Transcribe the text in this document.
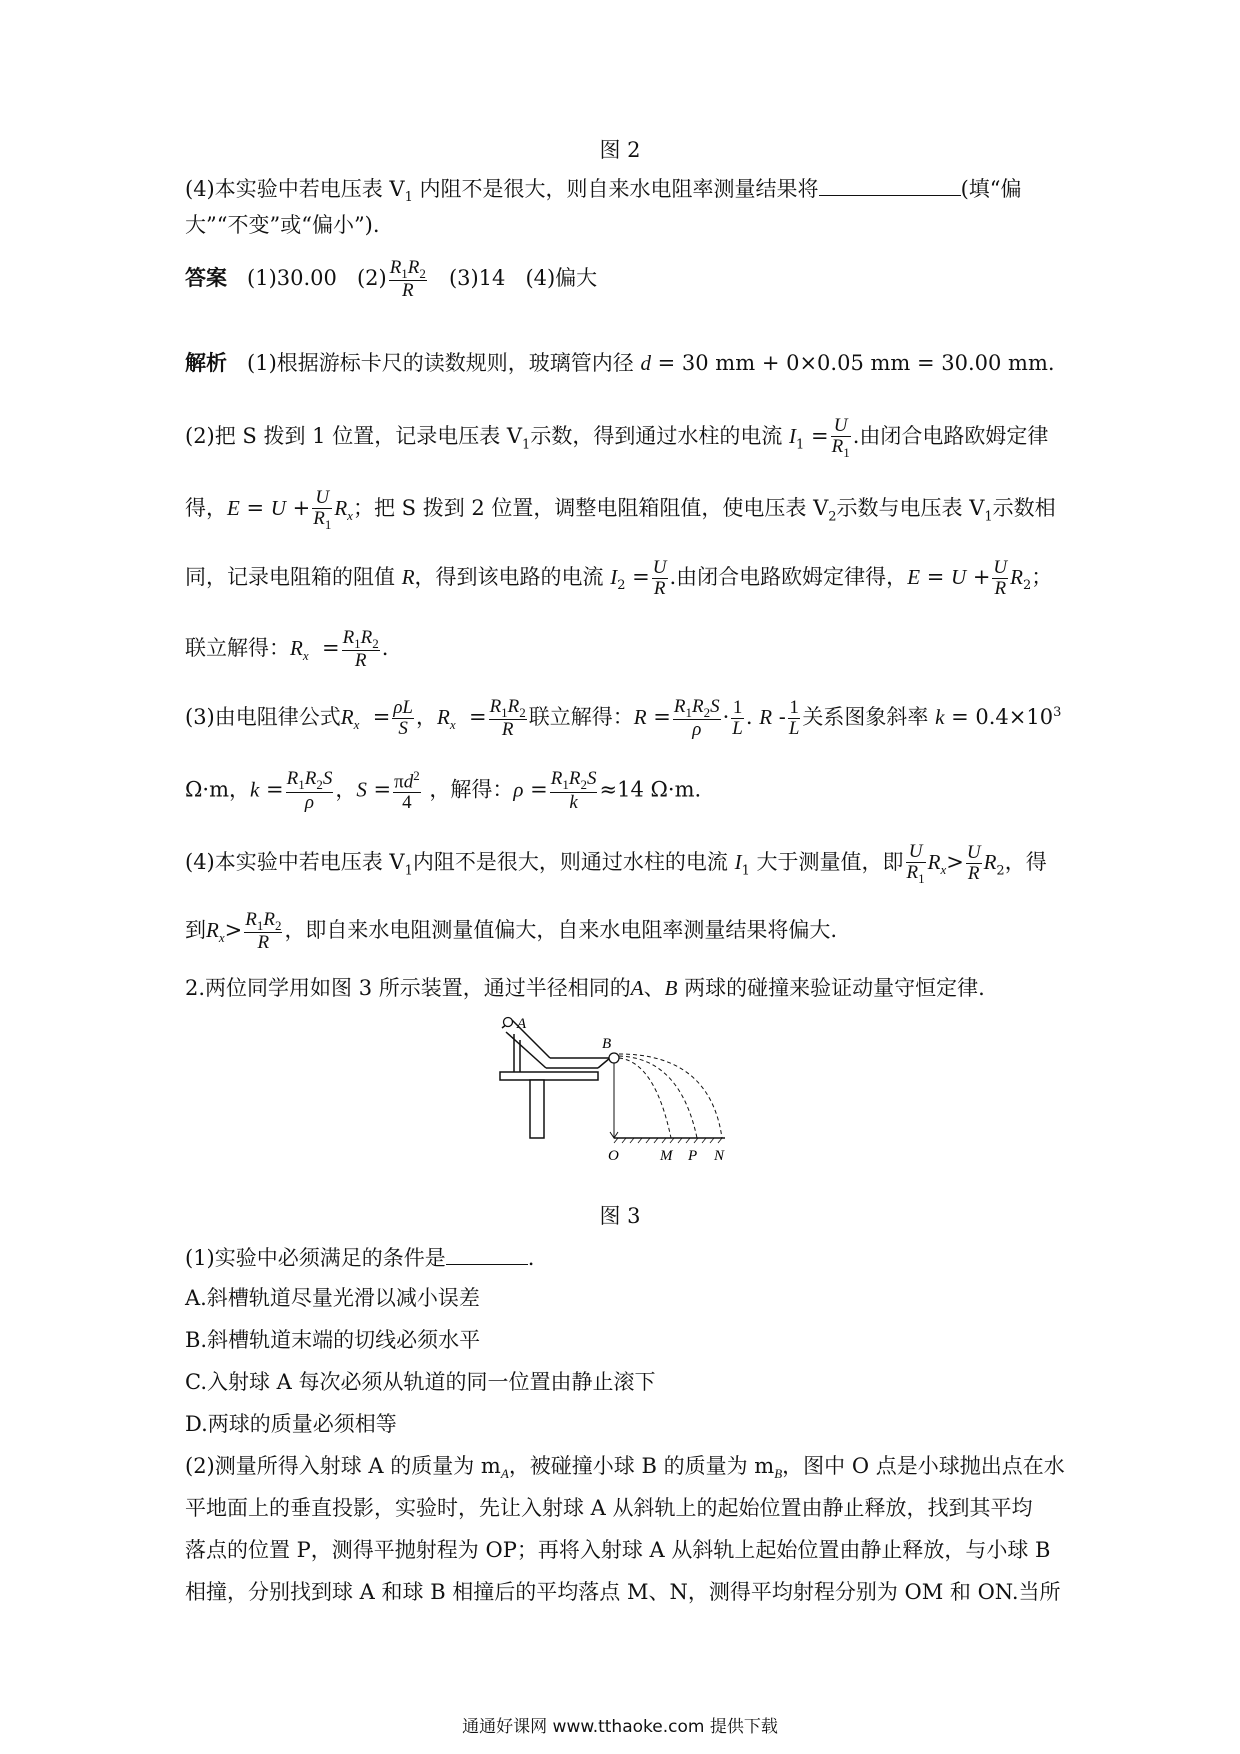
图 2
(4)本实验中若电压表 $V_1$ 内阻不是很大，则自来水电阻率测量结果将	(填“偏
大”“不变”或“偏小”).
答案 (1)30.00 $(2) \frac{R_1R_2}{R} (3)14$ (4)偏大
解析 (1)根据游标卡尺的读数规则，玻璃管内径 d = 30 mm + 0×0.05 mm = 30.00 mm.
(2)把 S 拨到 1 位置，记录电压表 $V_1$示数，得到通过水柱的电流 $I_1 = \frac{U}{R_1}$ .由闭合电路欧姆定律
得，$E = U + \frac{U}{R_1} R_x$；把 S 拨到 2 位置，调整电阻箱阻值，使电压表 $V_2$示数与电压表 $V_1$示数相
同，记录电阻箱的阻值 R，得到该电路的电流 $I_2 = \frac{U}{R}$ .由闭合电路欧姆定律得，$E = U + \frac{U}{R} R_2$；
联立解得：$R_x = \frac{R_1R_2}{R}$ .
(3)由电阻律公式$R_x = \frac{\rho L}{S}$ ，$R_x = \frac{R_1R_2}{R}$ 联立解得：$R = \frac{R_1R_2S}{\rho} \cdot \frac{1}{L}$ . R - $\frac{1}{L}$ 关系图象斜率 $k = 0.4\times 10^3$
Ω·m，$k = \frac{R_1R_2S}{\rho}$ ，$S = \frac{\pi d^2}{4}$ ，解得：$\rho = \frac{R_1R_2S}{k} \approx 14$ Ω·m.
(4)本实验中若电压表 $V_1$内阻不是很大，则通过水柱的电流 $I_1$ 大于测量值，即 $\frac{U}{R_1} R_x> \frac{U}{R} R_2$，得
到$R_x> \frac{R_1R_2}{R}$ ，即自来水电阻测量值偏大，自来水电阻率测量结果将偏大.
2.两位同学用如图 3 所示装置，通过半径相同的A、B 两球的碰撞来验证动量守恒定律.
A
B
O	M P N
图 3
(1)实验中必须满足的条件是	.
A.斜槽轨道尽量光滑以减小误差
B.斜槽轨道末端的切线必须水平
C.入射球 A 每次必须从轨道的同一位置由静止滚下
D.两球的质量必须相等
(2)测量所得入射球 A 的质量为 $m_A$，被碰撞小球 B 的质量为 $m_B$，图中 O 点是小球抛出点在水
平地面上的垂直投影，实验时，先让入射球 A 从斜轨上的起始位置由静止释放，找到其平均
落点的位置 P，测得平抛射程为 OP；再将入射球 A 从斜轨上起始位置由静止释放，与小球 B
相撞，分别找到球 A 和球 B 相撞后的平均落点 M、N，测得平均射程分别为 OM 和 ON.当所
通通好课网 www.tthaoke.com 提供下载
